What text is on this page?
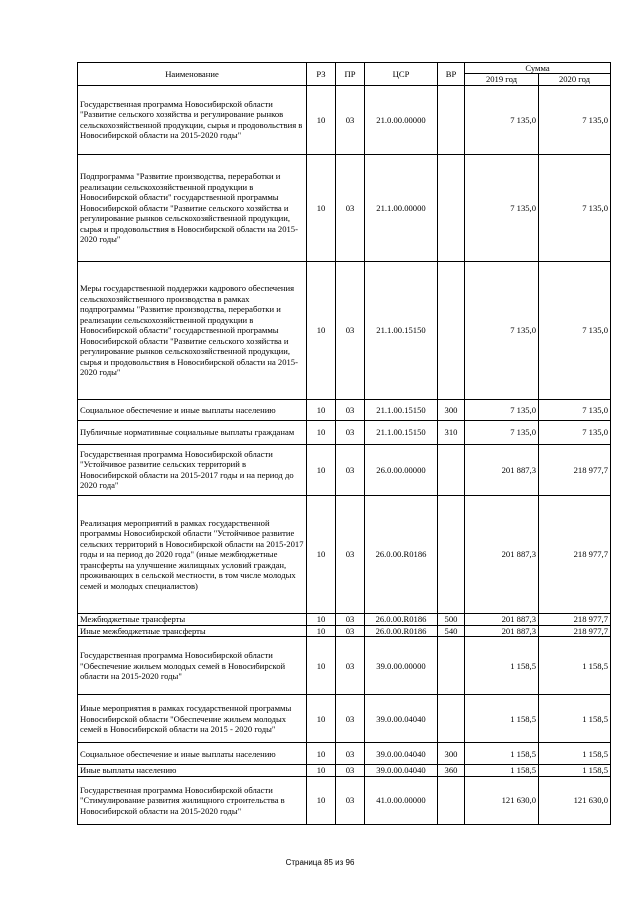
Наименование	РЗ	ПР	ЦСР	ВР	Сумма	
					2019 год	2020 год
Государственная программа Новосибирской области "Развитие сельского хозяйства и регулирование рынков сельскохозяйственной продукции, сырья и продовольствия в Новосибирской области на 2015-2020 годы"	10	03	21.0.00.00000		7 135,0	7 135,0
Подпрограмма "Развитие производства, переработки и реализации сельскохозяйственной продукции в Новосибирской области" государственной программы Новосибирской области "Развитие сельского хозяйства и регулирование рынков сельскохозяйственной продукции, сырья и продовольствия в Новосибирской области на 2015-2020 годы"	10	03	21.1.00.00000		7 135,0	7 135,0
Меры государственной поддержки кадрового обеспечения сельскохозяйственного производства в рамках подпрограммы "Развитие производства, переработки и реализации сельскохозяйственной продукции в Новосибирской области" государственной программы Новосибирской области "Развитие сельского хозяйства и регулирование рынков сельскохозяйственной продукции, сырья и продовольствия в Новосибирской области на 2015-2020 годы"	10	03	21.1.00.15150		7 135,0	7 135,0
Социальное обеспечение и иные выплаты населению	10	03	21.1.00.15150	300	7 135,0	7 135,0
Публичные нормативные социальные выплаты гражданам	10	03	21.1.00.15150	310	7 135,0	7 135,0
Государственная программа Новосибирской области "Устойчивое развитие сельских территорий в Новосибирской области на 2015-2017 годы и на период до 2020 года"	10	03	26.0.00.00000		201 887,3	218 977,7
Реализация мероприятий в рамках государственной программы Новосибирской области "Устойчивое развитие сельских территорий в Новосибирской области на 2015-2017 годы и на период до 2020 года" (иные межбюджетные трансферты на улучшение жилищных условий граждан, проживающих в сельской местности, в том числе молодых семей и молодых специалистов)	10	03	26.0.00.R0186		201 887,3	218 977,7
Межбюджетные трансферты	10	03	26.0.00.R0186	500	201 887,3	218 977,7
Иные межбюджетные трансферты	10	03	26.0.00.R0186	540	201 887,3	218 977,7
Государственная программа Новосибирской области "Обеспечение жильем молодых семей в Новосибирской области на 2015-2020 годы"	10	03	39.0.00.00000		1 158,5	1 158,5
Иные мероприятия в рамках государственной программы Новосибирской области "Обеспечение жильем молодых семей в Новосибирской области на 2015 - 2020 годы"	10	03	39.0.00.04040		1 158,5	1 158,5
Социальное обеспечение и иные выплаты населению	10	03	39.0.00.04040	300	1 158,5	1 158,5
Иные выплаты населению	10	03	39.0.00.04040	360	1 158,5	1 158,5
Государственная программа Новосибирской области "Стимулирование развития жилищного строительства в Новосибирской области на 2015-2020 годы"	10	03	41.0.00.00000		121 630,0	121 630,0
Страница 85 из 96
